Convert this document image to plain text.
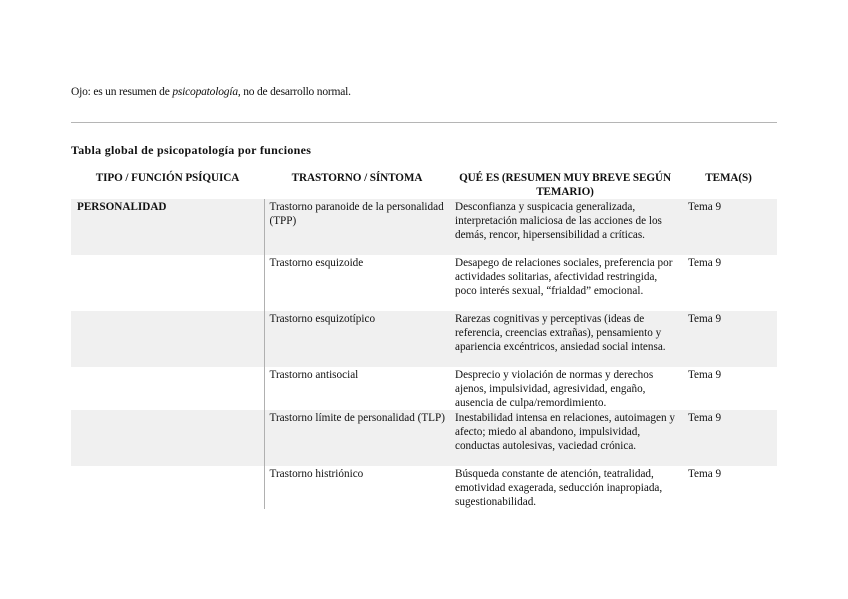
Ojo: es un resumen de psicopatología, no de desarrollo normal.
Tabla global de psicopatología por funciones
TIPO / FUNCIÓN PSÍQUICA	TRASTORNO / SÍNTOMA	QUÉ ES (RESUMEN MUY BREVE SEGÚN TEMARIO)	TEMA(S)
PERSONALIDAD	Trastorno paranoide de la personalidad (TPP)	Desconfianza y suspicacia generalizada, interpretación maliciosa de las acciones de los demás, rencor, hipersensibilidad a críticas.	Tema 9
	Trastorno esquizoide	Desapego de relaciones sociales, preferencia por actividades solitarias, afectividad restringida, poco interés sexual, “frialdad” emocional.	Tema 9
	Trastorno esquizotípico	Rarezas cognitivas y perceptivas (ideas de referencia, creencias extrañas), pensamiento y apariencia excéntricos, ansiedad social intensa.	Tema 9
	Trastorno antisocial	Desprecio y violación de normas y derechos ajenos, impulsividad, agresividad, engaño, ausencia de culpa/remordimiento.	Tema 9
	Trastorno límite de personalidad (TLP)	Inestabilidad intensa en relaciones, autoimagen y afecto; miedo al abandono, impulsividad, conductas autolesivas, vaciedad crónica.	Tema 9
	Trastorno histriónico	Búsqueda constante de atención, teatralidad, emotividad exagerada, seducción inapropiada, sugestionabilidad.	Tema 9
